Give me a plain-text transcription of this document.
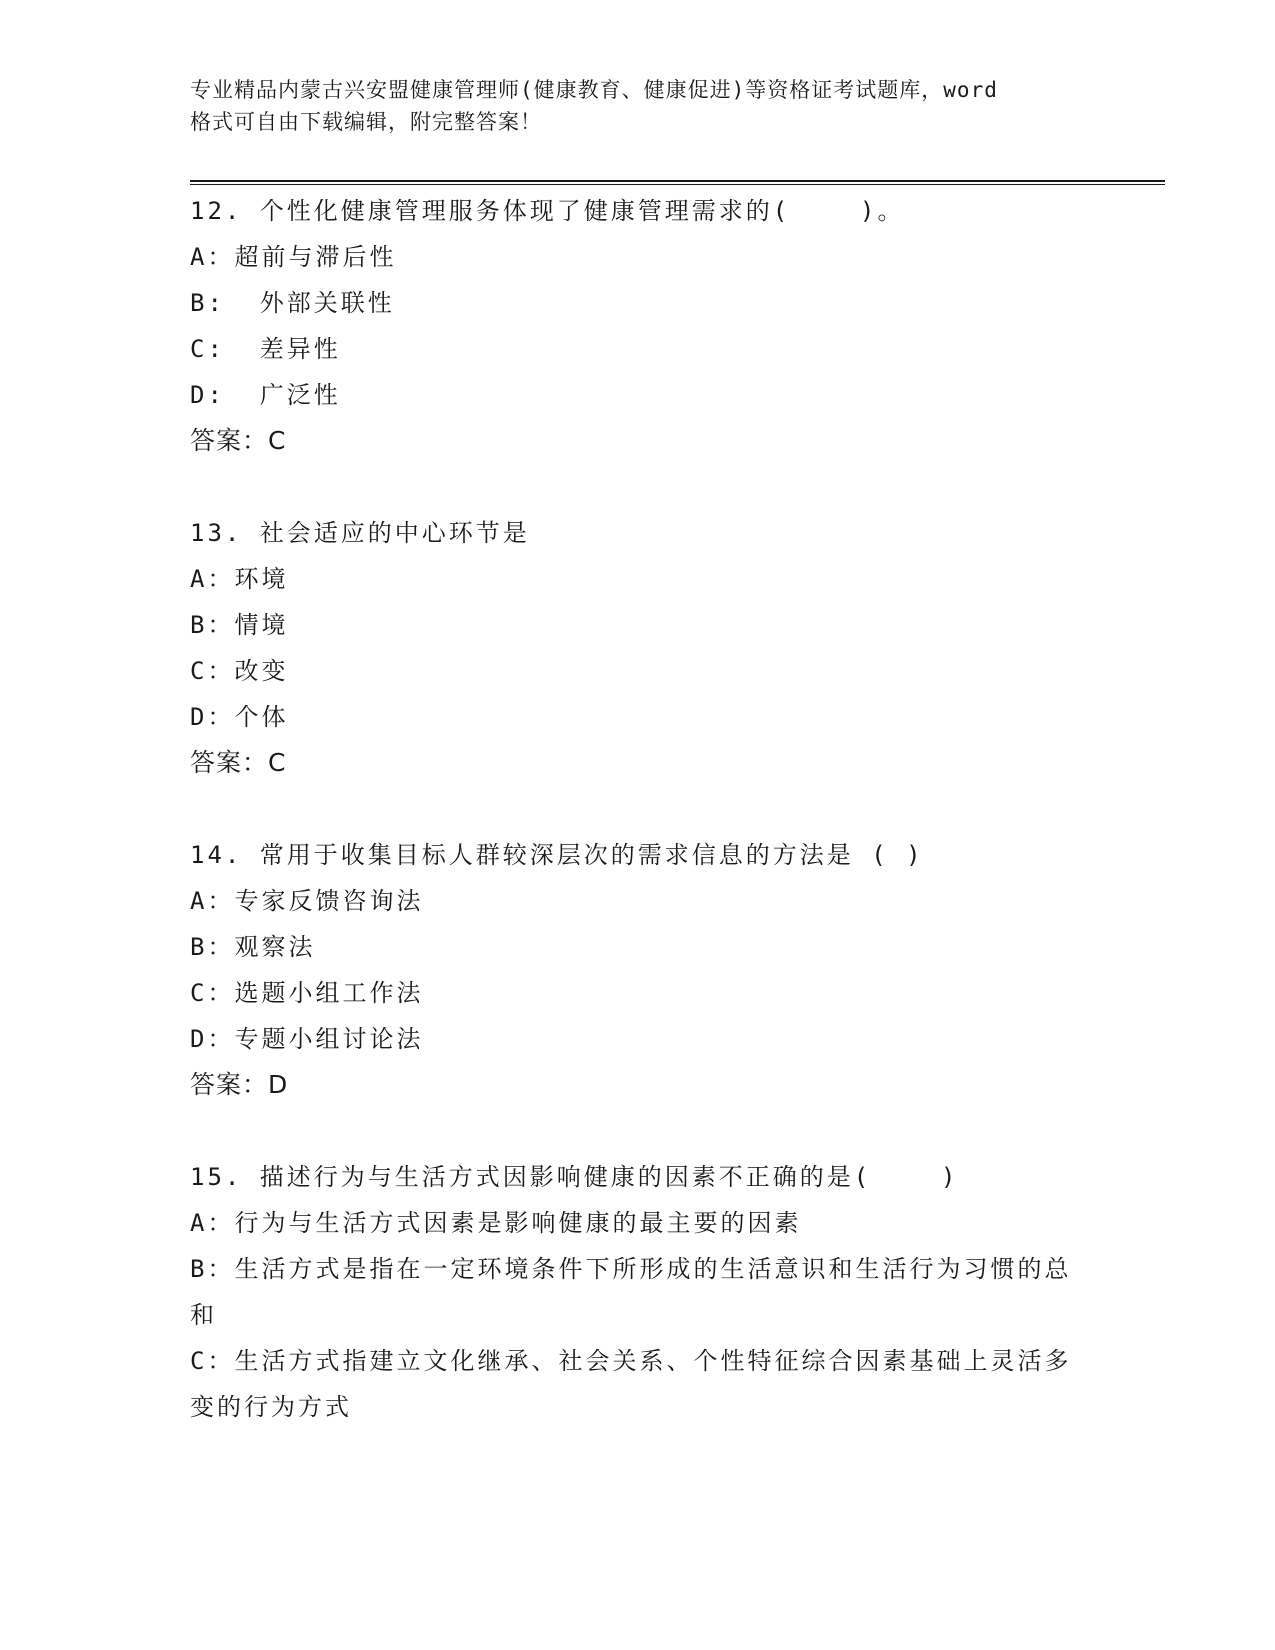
专业精品内蒙古兴安盟健康管理师(健康教育、健康促进)等资格证考试题库，word
格式可自由下载编辑，附完整答案！
12. 个性化健康管理服务体现了健康管理需求的(    )。
A：超前与滞后性
B:  外部关联性
C:  差异性
D:  广泛性
答案：C
13. 社会适应的中心环节是
A：环境
B：情境
C：改变
D：个体
答案：C
14. 常用于收集目标人群较深层次的需求信息的方法是 ( )
A：专家反馈咨询法
B：观察法
C：选题小组工作法
D：专题小组讨论法
答案：D
15. 描述行为与生活方式因影响健康的因素不正确的是(    )
A：行为与生活方式因素是影响健康的最主要的因素
B：生活方式是指在一定环境条件下所形成的生活意识和生活行为习惯的总和
C：生活方式指建立文化继承、社会关系、个性特征综合因素基础上灵活多变的行为方式
